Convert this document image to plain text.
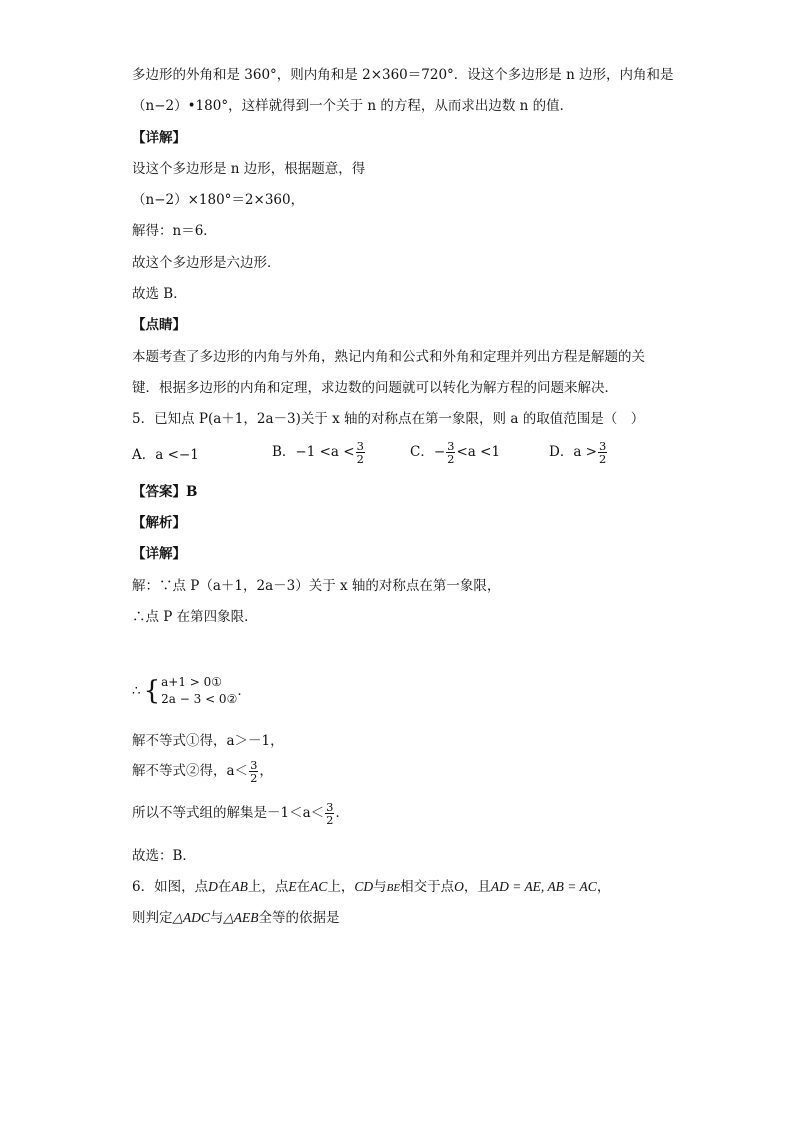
多边形的外角和是 360°，则内角和是 2×360＝720°．设这个多边形是 n 边形，内角和是
（n−2）•180°，这样就得到一个关于 n 的方程，从而求出边数 n 的值．
【详解】
设这个多边形是 n 边形，根据题意，得
（n−2）×180°＝2×360，
解得：n＝6．
故这个多边形是六边形．
故选 B．
【点睛】
本题考查了多边形的内角与外角，熟记内角和公式和外角和定理并列出方程是解题的关
键．根据多边形的内角和定理，求边数的问题就可以转化为解方程的问题来解决．
5．已知点 P(a＋1，2a－3)关于 x 轴的对称点在第一象限，则 a 的取值范围是（　）
A．a <−1	B．$-1 <a < \frac{3}{2}$	C．− $\frac{3}{2} <a <1$	D．$a > \frac{3}{2}$
【答案】B
【解析】
【详解】
解：∵点 P（a＋1，2a－3）关于 x 轴的对称点在第一象限，
∴点 P 在第四象限．
∴ { a+1 > 0①
2a − 3 < 0② ．
解不等式①得，a＞－1，
解不等式②得，$a< \frac{3}{2}$ ，
所以不等式组的解集是$-1<a< \frac{3}{2}$ ．
故选：B．
6．如图，点D在AB上，点E在AC上，CD与BE相交于点O，且AD = AE, AB = AC，
则判定△ADC与△AEB全等的依据是
